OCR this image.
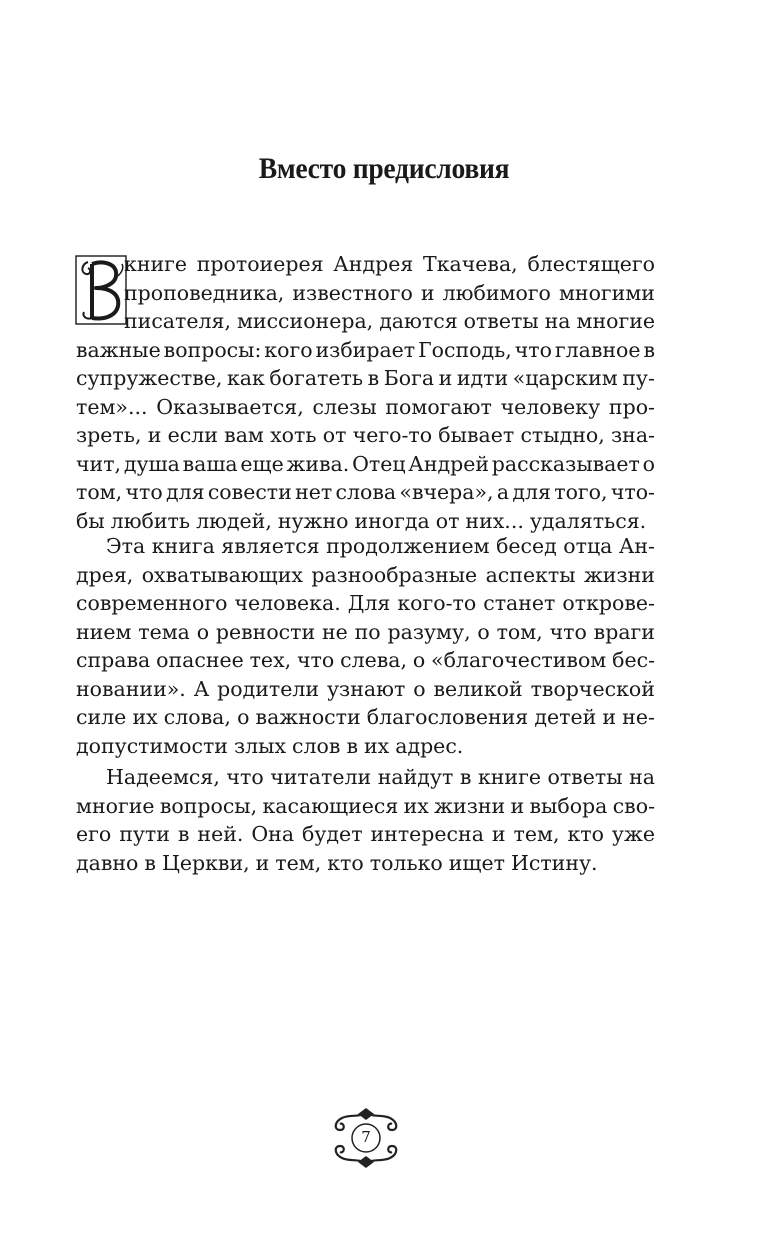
Вместо предисловия
книге протоиерея Андрея Ткачева, блестящего
проповедника, известного и любимого многими
писателя, миссионера, даются ответы на многие
важные вопросы: кого избирает Господь, что главное в
супружестве, как богатеть в Бога и идти «царским пу-
тем»... Оказывается, слезы помогают человеку про-
зреть, и если вам хоть от чего-то бывает стыдно, зна-
чит, душа ваша еще жива. Отец Андрей рассказывает о
том, что для совести нет слова «вчера», а для того, что-
бы любить людей, нужно иногда от них... удаляться.
Эта книга является продолжением бесед отца Ан-
дрея, охватывающих разнообразные аспекты жизни
современного человека. Для кого-то станет открове-
нием тема о ревности не по разуму, о том, что враги
справа опаснее тех, что слева, о «благочестивом бес-
новании». А родители узнают о великой творческой
силе их слова, о важности благословения детей и не-
допустимости злых слов в их адрес.
Надеемся, что читатели найдут в книге ответы на
многие вопросы, касающиеся их жизни и выбора сво-
его пути в ней. Она будет интересна и тем, кто уже
давно в Церкви, и тем, кто только ищет Истину.
7
